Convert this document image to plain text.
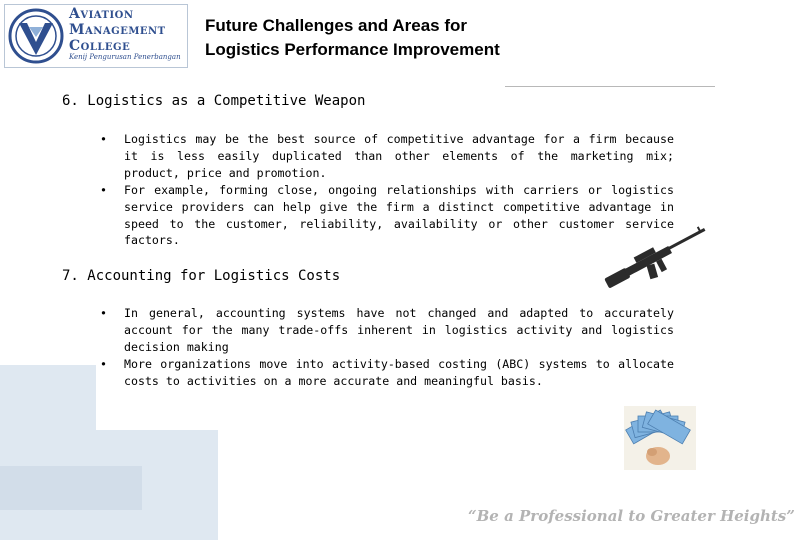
Aviation
Management
College
Kenij Pengurusan Penerbangan
Future Challenges and Areas for
Logistics Performance Improvement
6. Logistics as a Competitive Weapon
• Logistics may be the best source of competitive advantage for a firm because it is less easily duplicated than other elements of the marketing mix; product, price and promotion.
• For example, forming close, ongoing relationships with carriers or logistics service providers can help give the firm a distinct competitive advantage in speed to the customer, reliability, availability or other customer service factors.
7. Accounting for Logistics Costs
• In general, accounting systems have not changed and adapted to accurately account for the many trade-offs inherent in logistics activity and logistics decision making
• More organizations move into activity-based costing (ABC) systems to allocate costs to activities on a more accurate and meaningful basis.
“Be a Professional to Greater Heights”
